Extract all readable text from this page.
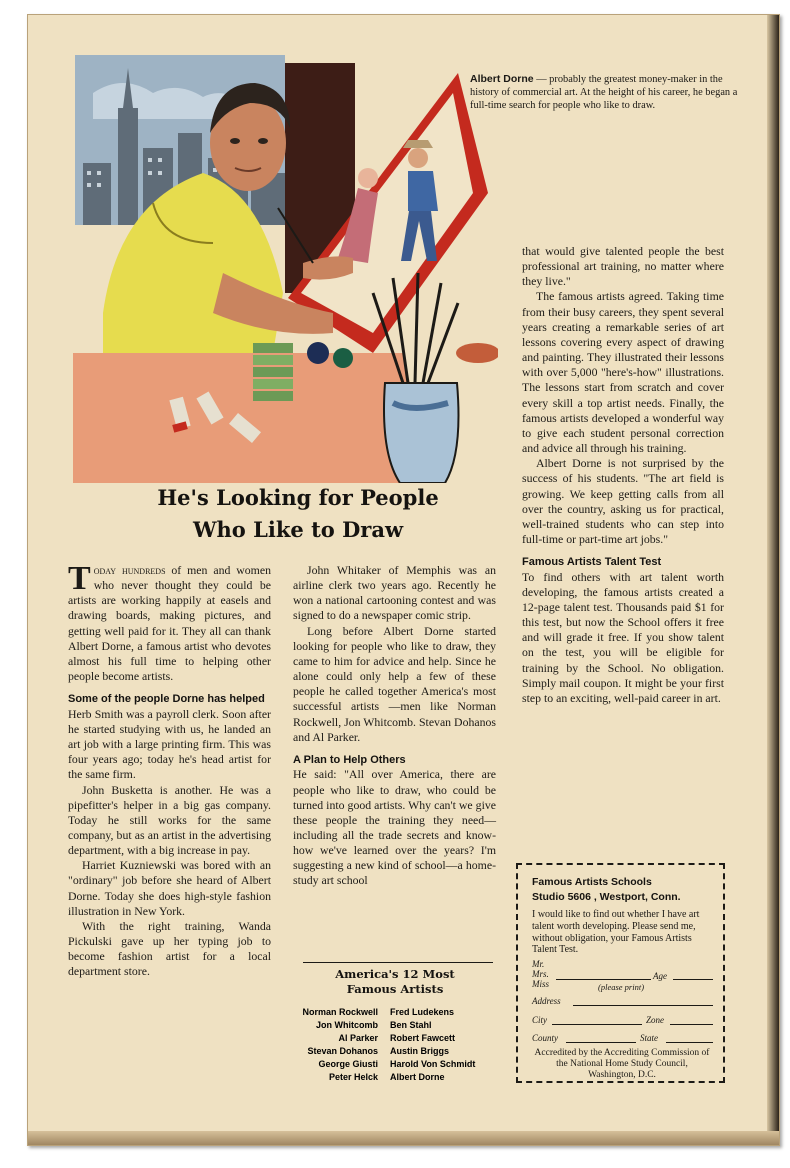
Albert Dorne — probably the greatest money-maker in the history of commercial art. At the height of his career, he began a full-time search for people who like to draw.
He's Looking for People
Who Like to Draw

Today hundreds of men and women who never thought they could be artists are working happily at easels and drawing boards, making pictures, and getting well paid for it. They all can thank Albert Dorne, a famous artist who devotes almost his full time to helping other people become artists.

Some of the people Dorne has helped

Herb Smith was a payroll clerk. Soon after he started studying with us, he landed an art job with a large printing firm. This was four years ago; today he's head artist for the same firm.

John Busketta is another. He was a pipefitter's helper in a big gas company. Today he still works for the same company, but as an artist in the advertising department, with a big increase in pay.

Harriet Kuzniewski was bored with an "ordinary" job before she heard of Albert Dorne. Today she does high-style fashion illustration in New York.

With the right training, Wanda Pickulski gave up her typing job to become fashion artist for a local department store.

John Whitaker of Memphis was an airline clerk two years ago. Recently he won a national cartooning contest and was signed to do a newspaper comic strip.

Long before Albert Dorne started looking for people who like to draw, they came to him for advice and help. Since he alone could only help a few of these people he called together America's most successful artists —men like Norman Rockwell, Jon Whitcomb. Stevan Dohanos and Al Parker.

A Plan to Help Others

He said: "All over America, there are people who like to draw, who could be turned into good artists. Why can't we give these people the training they need—including all the trade secrets and know-how we've learned over the years? I'm suggesting a new kind of school—a home-study art school

America's 12 Most
Famous Artists
Norman Rockwell
Jon Whitcomb
Al Parker
Stevan Dohanos
George Giusti
Peter Helck
Fred Ludekens
Ben Stahl
Robert Fawcett
Austin Briggs
Harold Von Schmidt
Albert Dorne

that would give talented people the best professional art training, no matter where they live."

The famous artists agreed. Taking time from their busy careers, they spent several years creating a remarkable series of art lessons covering every aspect of drawing and painting. They illustrated their lessons with over 5,000 "here's-how" illustrations. The lessons start from scratch and cover every skill a top artist needs. Finally, the famous artists developed a wonderful way to give each student personal correction and advice all through his training.

Albert Dorne is not surprised by the success of his students. "The art field is growing. We keep getting calls from all over the country, asking us for practical, well-trained students who can step into full-time or part-time art jobs."

Famous Artists Talent Test

To find others with art talent worth developing, the famous artists created a 12-page talent test. Thousands paid $1 for this test, but now the School offers it free and will grade it free. If you show talent on the test, you will be eligible for training by the School. No obligation. Simply mail coupon. It might be your first step to an exciting, well-paid career in art.

Famous Artists Schools
Studio 5606 , Westport, Conn.
I would like to find out whether I have art talent worth developing. Please send me, without obligation, your Famous Artists Talent Test.
Mr.
Mrs.
Miss
Age
(please print)
Address
City	Zone
County	State
Accredited by the Accrediting Commission of the National Home Study Council, Washington, D.C.
